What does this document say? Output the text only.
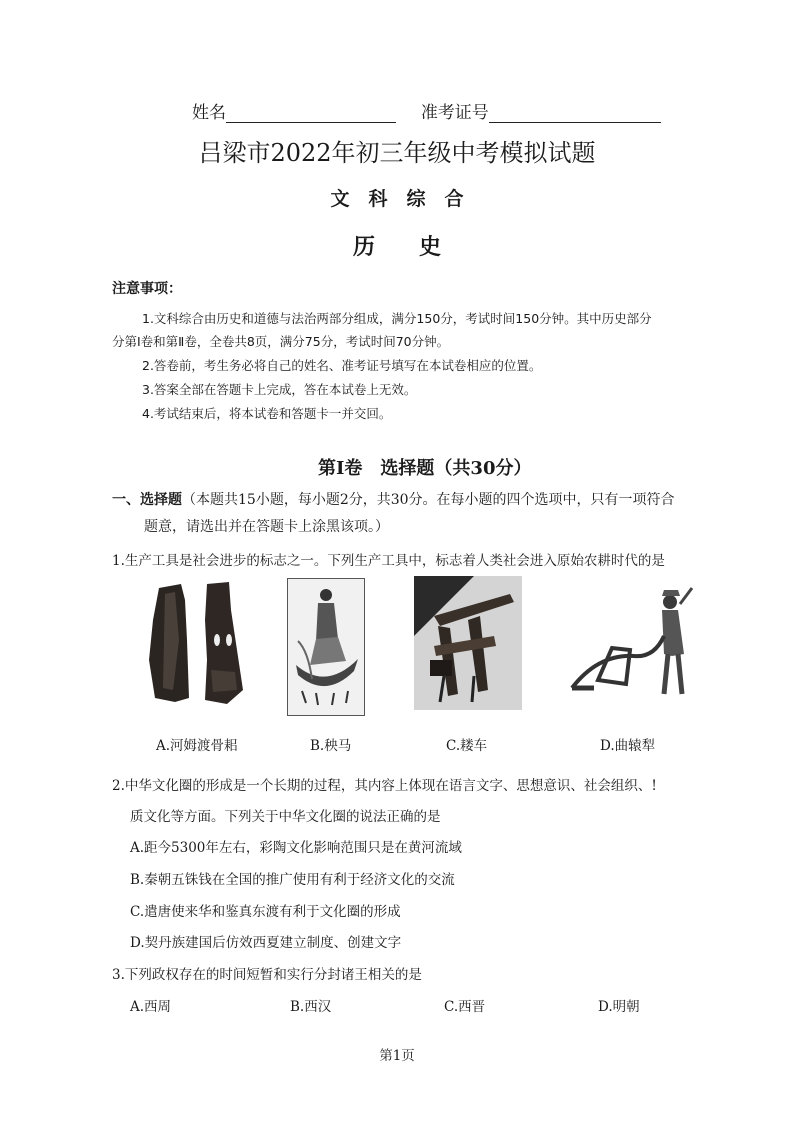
姓名	准考证号
吕梁市2022年初三年级中考模拟试题
文　科　综　合
历　　史
注意事项：
1.文科综合由历史和道德与法治两部分组成，满分150分，考试时间150分钟。其中历史部分
分第Ⅰ卷和第Ⅱ卷，全卷共8页，满分75分，考试时间70分钟。
2.答卷前，考生务必将自己的姓名、准考证号填写在本试卷相应的位置。
3.答案全部在答题卡上完成，答在本试卷上无效。
4.考试结束后，将本试卷和答题卡一并交回。
第Ⅰ卷　选择题（共30分）
一、选择题（本题共15小题，每小题2分，共30分。在每小题的四个选项中，只有一项符合
题意，请选出并在答题卡上涂黑该项。）
1.生产工具是社会进步的标志之一。下列生产工具中，标志着人类社会进入原始农耕时代的是
A.河姆渡骨耜	B.秧马	C.耧车	D.曲辕犁
2.中华文化圈的形成是一个长期的过程，其内容上体现在语言文字、思想意识、社会组织、!
质文化等方面。下列关于中华文化圈的说法正确的是
A.距今5300年左右，彩陶文化影响范围只是在黄河流域
B.秦朝五铢钱在全国的推广使用有利于经济文化的交流
C.遣唐使来华和鉴真东渡有利于文化圈的形成
D.契丹族建国后仿效西夏建立制度、创建文字
3.下列政权存在的时间短暂和实行分封诸王相关的是
A.西周	B.西汉	C.西晋	D.明朝
第1页
